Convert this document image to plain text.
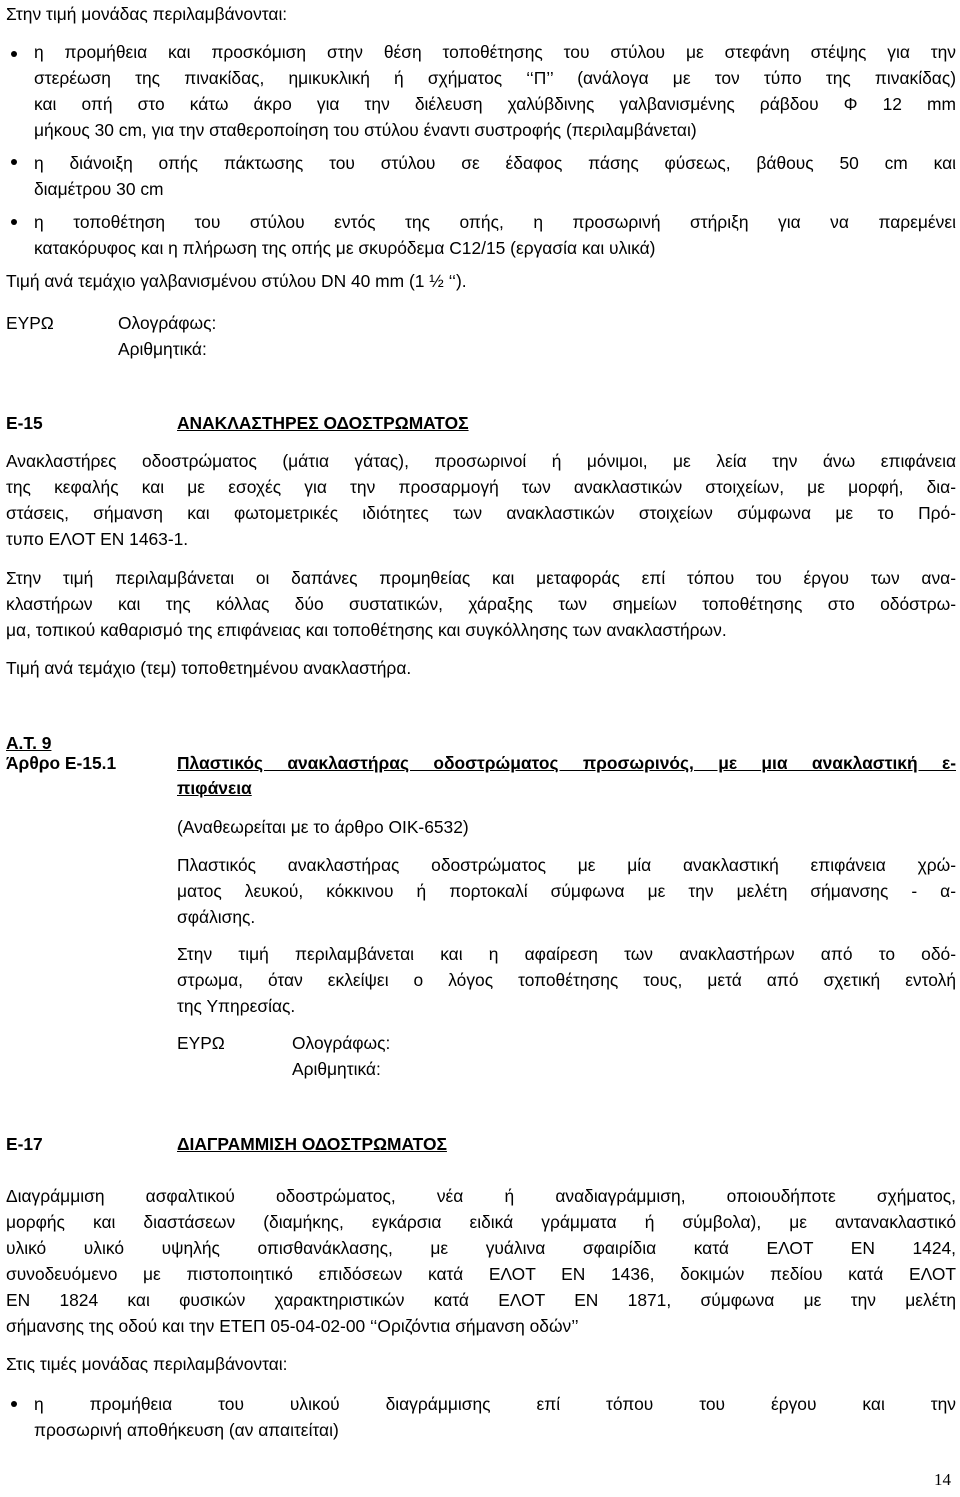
Στην τιμή μονάδας περιλαμβάνονται:
η προμήθεια και προσκόμιση στην θέση τοποθέτησης του στύλου με στεφάνη στέψης για την
στερέωση της πινακίδας, ημικυκλική ή σχήματος ‘‘Π’’ (ανάλογα με τον τύπο της πινακίδας)
και οπή στο κάτω άκρο για την διέλευση χαλύβδινης γαλβανισμένης ράβδου Φ 12 mm
μήκους 30 cm, για την σταθεροποίηση του στύλου έναντι συστροφής (περιλαμβάνεται)
η διάνοιξη οπής πάκτωσης του στύλου σε έδαφος πάσης φύσεως, βάθους 50 cm και
διαμέτρου 30 cm
η τοποθέτηση του στύλου εντός της οπής, η προσωρινή στήριξη για να παρεμένει
κατακόρυφος και η πλήρωση της οπής με σκυρόδεμα C12/15 (εργασία και υλικά)
Τιμή ανά τεμάχιο γαλβανισμένου στύλου DN 40 mm (1 ½ ‘‘).
ΕΥΡΩ	Ολογράφως:
Αριθμητικά:
Ε-15	ΑΝΑΚΛΑΣΤΗΡΕΣ ΟΔΟΣΤΡΩΜΑΤΟΣ
Ανακλαστήρες οδοστρώματος (μάτια γάτας), προσωρινοί ή μόνιμοι, με λεία την άνω επιφάνεια
της κεφαλής και με εσοχές για την προσαρμογή των ανακλαστικών στοιχείων, με μορφή, δια-
στάσεις, σήμανση και φωτομετρικές ιδιότητες των ανακλαστικών στοιχείων σύμφωνα με το Πρό-
τυπο ΕΛΟΤ ΕΝ 1463-1.
Στην τιμή περιλαμβάνεται οι δαπάνες προμηθείας και μεταφοράς επί τόπου του έργου των ανα-
κλαστήρων και της κόλλας δύο συστατικών, χάραξης των σημείων τοποθέτησης στο οδόστρω-
μα, τοπικού καθαρισμό της επιφάνειας και τοποθέτησης και συγκόλλησης των ανακλαστήρων.
Τιμή ανά τεμάχιο (τεμ) τοποθετημένου ανακλαστήρα.
Α.Τ. 9
Άρθρο Ε-15.1	Πλαστικός ανακλαστήρας οδοστρώματος προσωρινός, με μια ανακλαστική ε-
πιφάνεια
(Αναθεωρείται με το άρθρο ΟΙΚ-6532)
Πλαστικός ανακλαστήρας οδοστρώματος με μία ανακλαστική επιφάνεια χρώ-
ματος λευκού, κόκκινου ή πορτοκαλί σύμφωνα με την μελέτη σήμανσης - α-
σφάλισης.
Στην τιμή περιλαμβάνεται και η αφαίρεση των ανακλαστήρων από το οδό-
στρωμα, όταν εκλείψει ο λόγος τοποθέτησης τους, μετά από σχετική εντολή
της Υπηρεσίας.
ΕΥΡΩ	Ολογράφως:
Αριθμητικά:
Ε-17	ΔΙΑΓΡΑΜΜΙΣΗ ΟΔΟΣΤΡΩΜΑΤΟΣ
Διαγράμμιση ασφαλτικού οδοστρώματος, νέα ή αναδιαγράμμιση, οποιουδήποτε σχήματος,
μορφής και διαστάσεων (διαμήκης, εγκάρσια ειδικά γράμματα ή σύμβολα), με αντανακλαστικό
υλικό υλικό υψηλής οπισθανάκλασης, με γυάλινα σφαιρίδια κατά ΕΛΟΤ ΕΝ 1424,
συνοδευόμενο με πιστοποιητικό επιδόσεων κατά ΕΛΟΤ ΕΝ 1436, δοκιμών πεδίου κατά ΕΛΟΤ
ΕΝ 1824 και φυσικών χαρακτηριστικών κατά ΕΛΟΤ ΕΝ 1871, σύμφωνα με την μελέτη
σήμανσης της οδού και την ΕΤΕΠ 05-04-02-00 ‘‘Οριζόντια σήμανση οδών’’
Στις τιμές μονάδας περιλαμβάνονται:
η προμήθεια του υλικού διαγράμμισης επί τόπου του έργου και την
προσωρινή αποθήκευση (αν απαιτείται)
14
